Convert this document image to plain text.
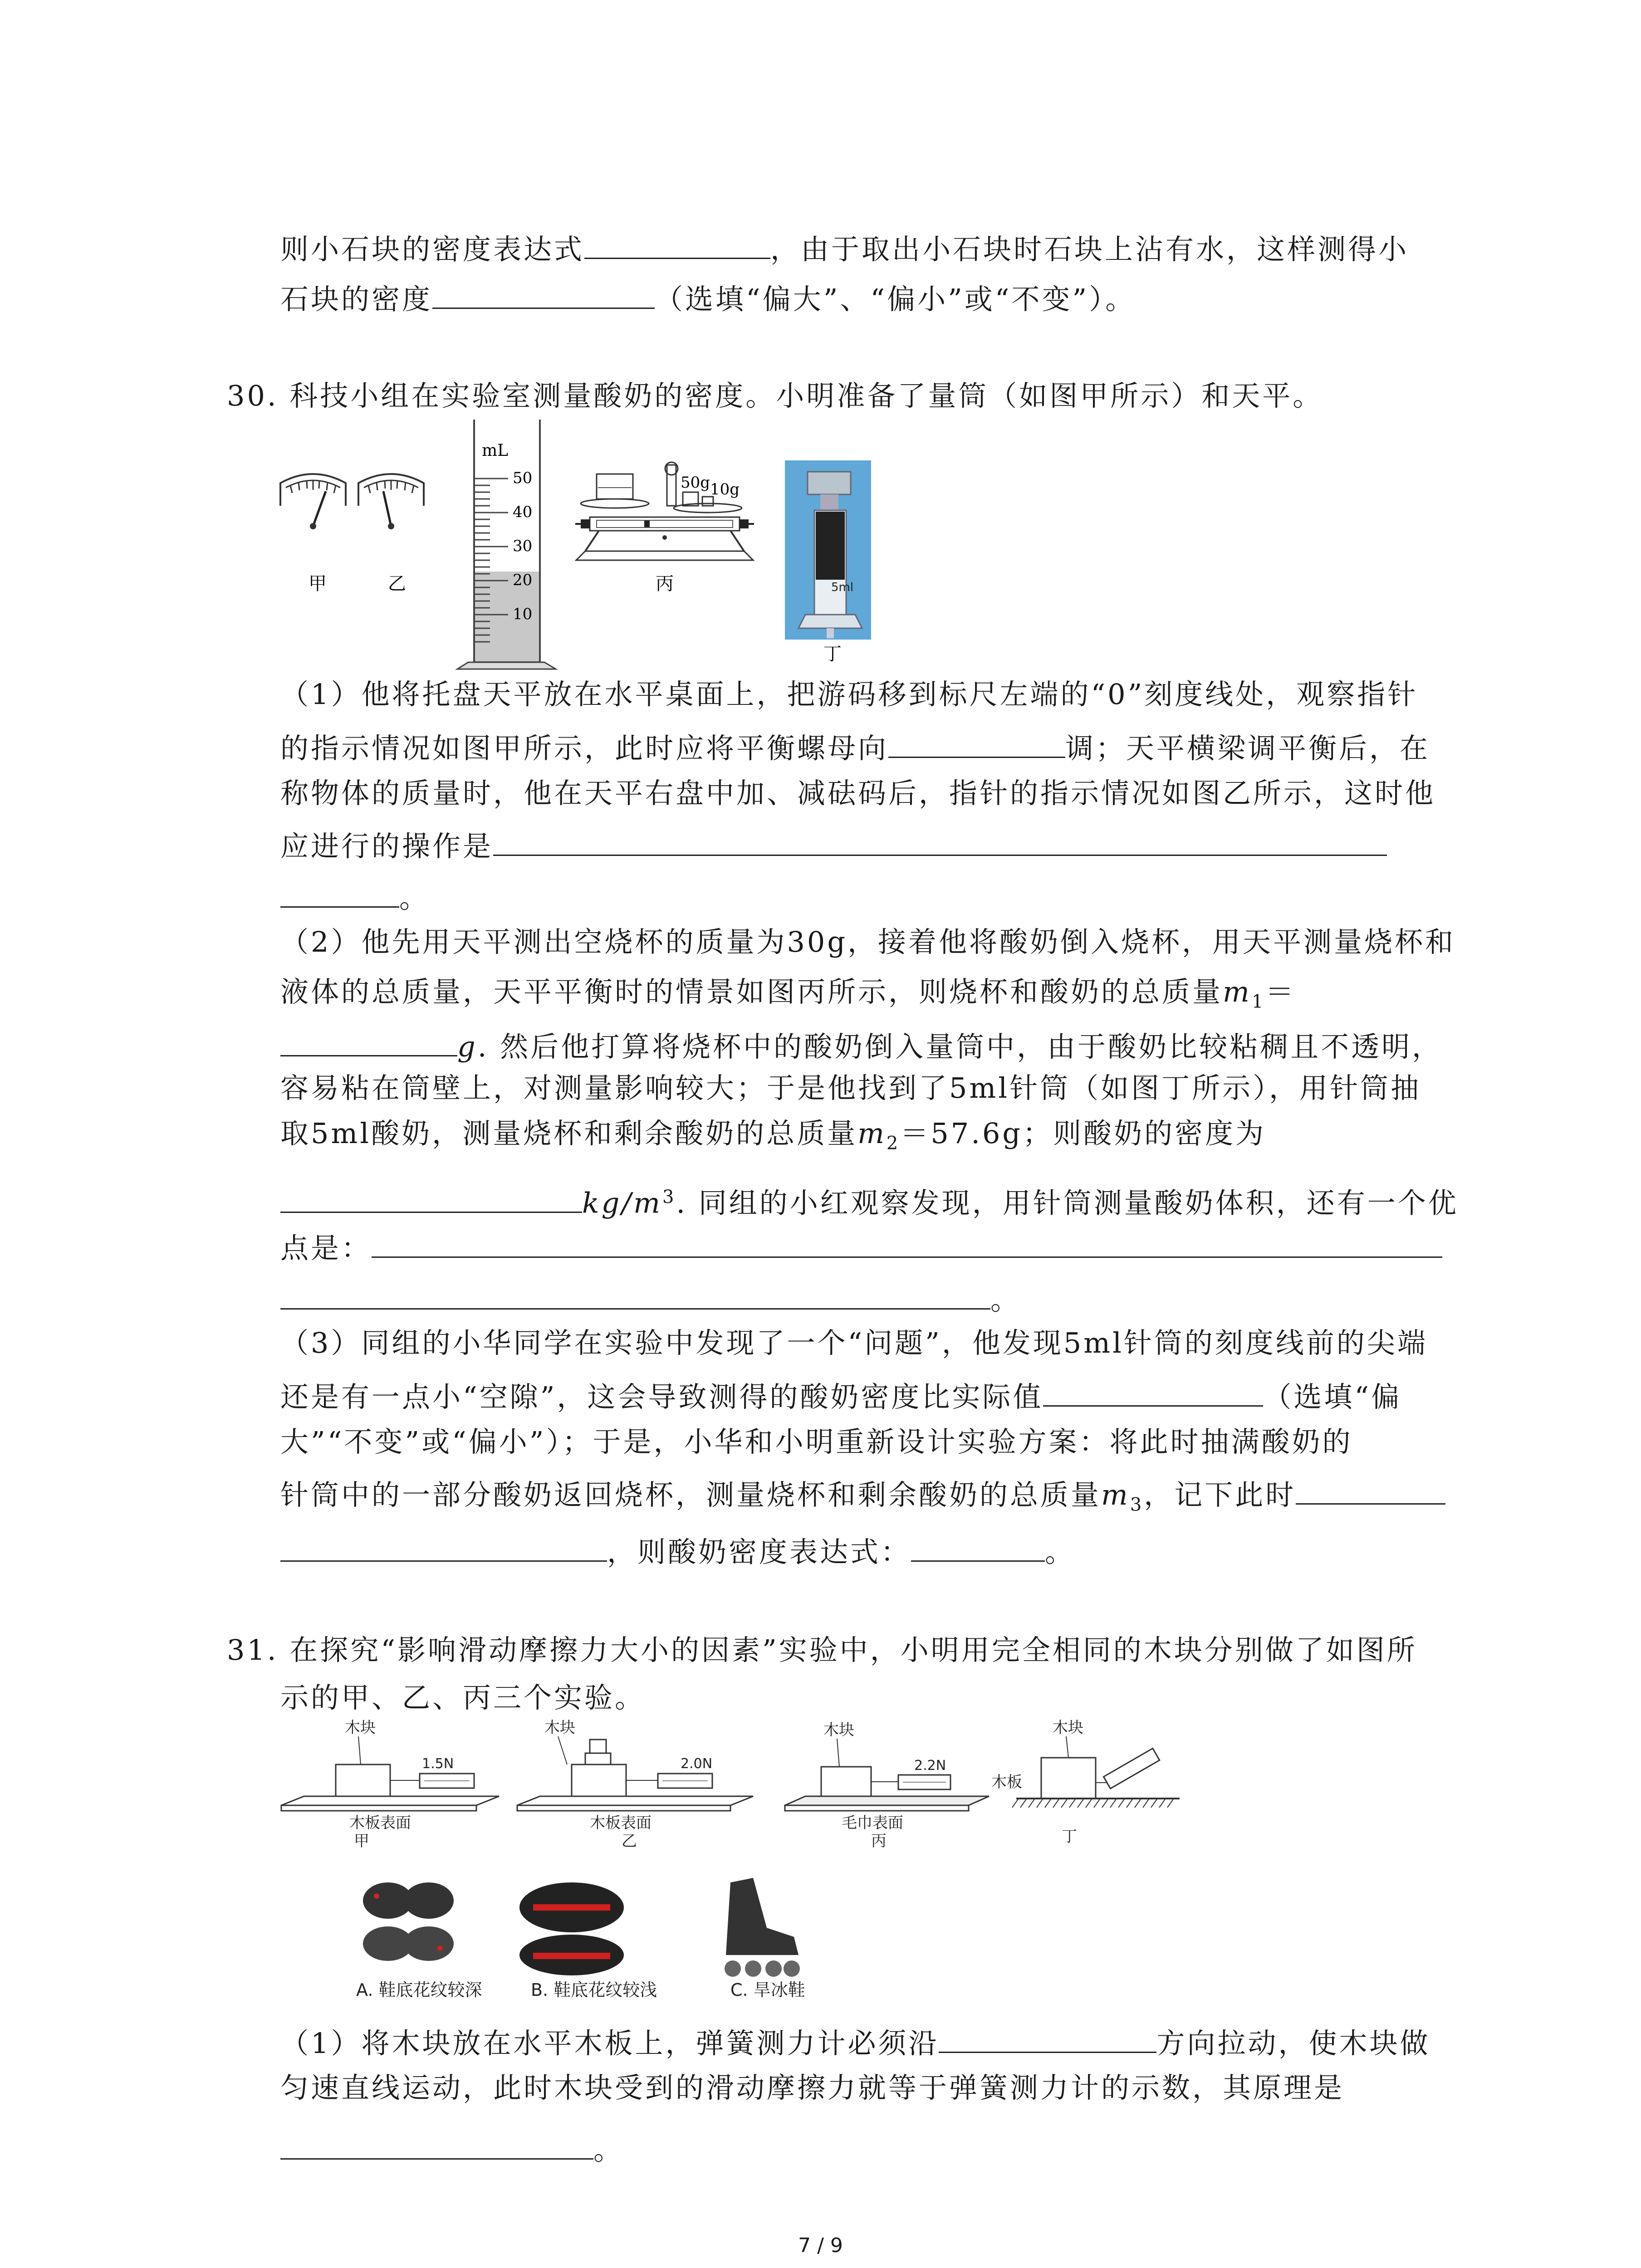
则小石块的密度表达式	，由于取出小石块时石块上沾有水，这样测得小
石块的密度	（选填“偏大”、“偏小”或“不变”）。
30. 科技小组在实验室测量酸奶的密度。小明准备了量筒（如图甲所示）和天平。
甲	乙
mL
50
40
30
20
10
50g 10g
丙
2
3
4
5ml
1
丁
（1）他将托盘天平放在水平桌面上，把游码移到标尺左端的“0”刻度线处，观察指针
的指示情况如图甲所示，此时应将平衡螺母向	调；天平横梁调平衡后，在
称物体的质量时，他在天平右盘中加、减砝码后，指针的指示情况如图乙所示，这时他
应进行的操作是
。
（2）他先用天平测出空烧杯的质量为30g，接着他将酸奶倒入烧杯，用天平测量烧杯和
液体的总质量，天平平衡时的情景如图丙所示，则烧杯和酸奶的总质量$m_1=$
g. 然后他打算将烧杯中的酸奶倒入量筒中，由于酸奶比较粘稠且不透明，
容易粘在筒壁上，对测量影响较大；于是他找到了5ml针筒（如图丁所示），用针筒抽
取5ml酸奶，测量烧杯和剩余酸奶的总质量$m_2=57.6g$；则酸奶的密度为
$kg/m^3$. 同组的小红观察发现，用针筒测量酸奶体积，还有一个优
点是：
。
（3）同组的小华同学在实验中发现了一个“问题”，他发现5ml针筒的刻度线前的尖端
还是有一点小“空隙”，这会导致测得的酸奶密度比实际值	（选填“偏
大”“不变”或“偏小”）；于是，小华和小明重新设计实验方案：将此时抽满酸奶的
针筒中的一部分酸奶返回烧杯，测量烧杯和剩余酸奶的总质量$m_3$，记下此时
，则酸奶密度表达式：	。
31. 在探究“影响滑动摩擦力大小的因素”实验中，小明用完全相同的木块分别做了如图所
示的甲、乙、丙三个实验。
木块
1.5N
木板表面
甲
木块
2.0N
木板表面
乙
木块
2.2N
毛巾表面
丙
木块
木板
丁
A. 鞋底花纹较深	B. 鞋底花纹较浅	C. 旱冰鞋
（1）将木块放在水平木板上，弹簧测力计必须沿	方向拉动，使木块做
匀速直线运动，此时木块受到的滑动摩擦力就等于弹簧测力计的示数，其原理是
。
7 / 9
